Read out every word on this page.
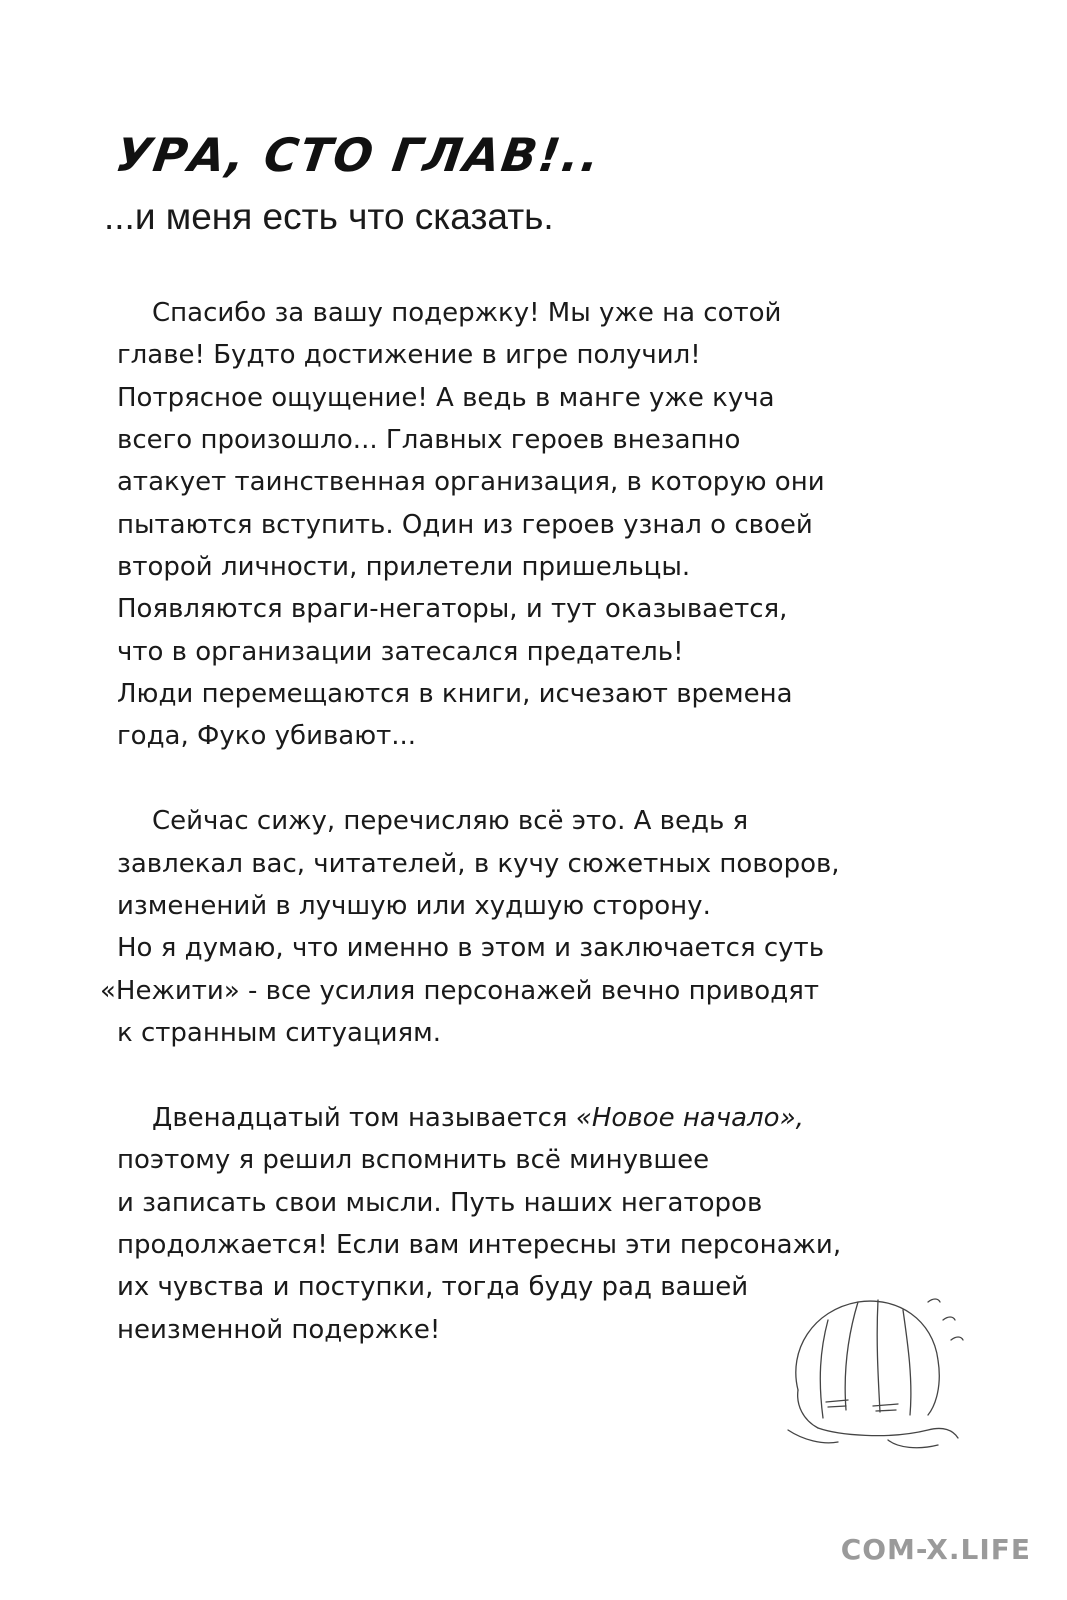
УРА, СТО ГЛАВ!..
...и меня есть что сказать.
Спасибо за вашу подержку! Мы уже на сотой
главе! Будто достижение в игре получил!
Потрясное ощущение! А ведь в манге уже куча
всего произошло... Главных героев внезапно
атакует таинственная организация, в которую они
пытаются вступить. Один из героев узнал о своей
второй личности, прилетели пришельцы.
Появляются враги-негаторы, и тут оказывается,
что в организации затесался предатель!
Люди перемещаются в книги, исчезают времена
года, Фуко убивают...
Сейчас сижу, перечисляю всё это. А ведь я
завлекал вас, читателей, в кучу сюжетных поворов,
изменений в лучшую или худшую сторону.
Но я думаю, что именно в этом и заключается суть
«Нежити» - все усилия персонажей вечно приводят
к странным ситуациям.
Двенадцатый том называется «Новое начало»,
поэтому я решил вспомнить всё минувшее
и записать свои мысли. Путь наших негаторов
продолжается! Если вам интересны эти персонажи,
их чувства и поступки, тогда буду рад вашей
неизменной подержке!
COM-X.LIFE
